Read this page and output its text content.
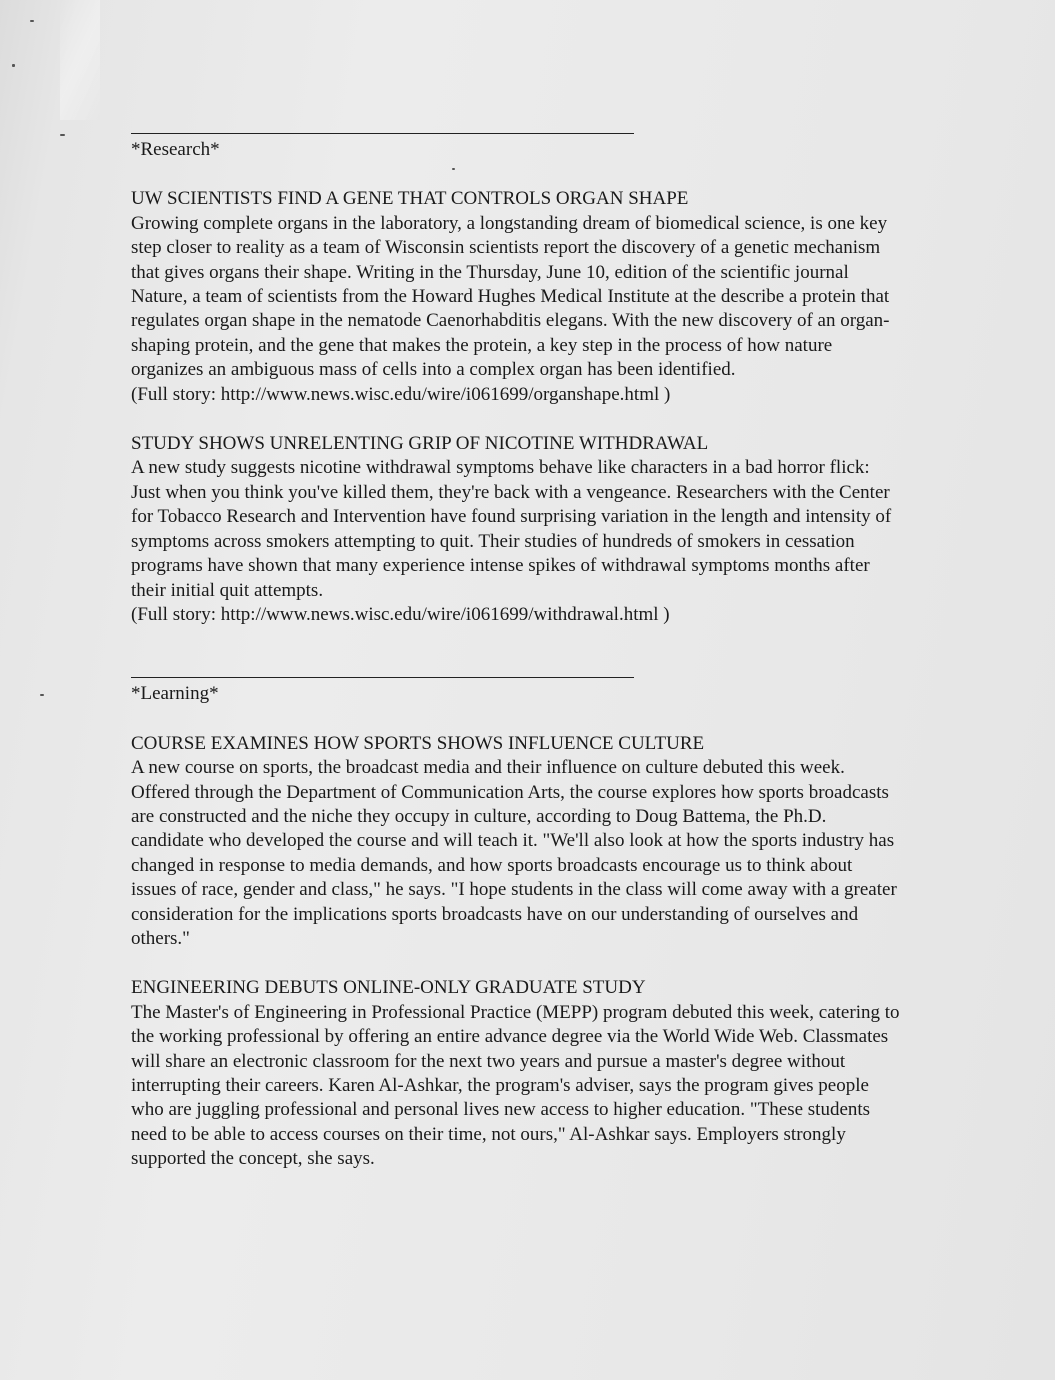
*Research*

UW SCIENTISTS FIND A GENE THAT CONTROLS ORGAN SHAPE

Growing complete organs in the laboratory, a longstanding dream of biomedical science, is one key step closer to reality as a team of Wisconsin scientists report the discovery of a genetic mechanism that gives organs their shape. Writing in the Thursday, June 10, edition of the scientific journal Nature, a team of scientists from the Howard Hughes Medical Institute at the describe a protein that regulates organ shape in the nematode Caenorhabditis elegans. With the new discovery of an organ-shaping protein, and the gene that makes the protein, a key step in the process of how nature organizes an ambiguous mass of cells into a complex organ has been identified.

(Full story: http://www.news.wisc.edu/wire/i061699/organshape.html )

STUDY SHOWS UNRELENTING GRIP OF NICOTINE WITHDRAWAL

A new study suggests nicotine withdrawal symptoms behave like characters in a bad horror flick: Just when you think you've killed them, they're back with a vengeance. Researchers with the Center for Tobacco Research and Intervention have found surprising variation in the length and intensity of symptoms across smokers attempting to quit. Their studies of hundreds of smokers in cessation programs have shown that many experience intense spikes of withdrawal symptoms months after their initial quit attempts.

(Full story: http://www.news.wisc.edu/wire/i061699/withdrawal.html )

*Learning*

COURSE EXAMINES HOW SPORTS SHOWS INFLUENCE CULTURE

A new course on sports, the broadcast media and their influence on culture debuted this week. Offered through the Department of Communication Arts, the course explores how sports broadcasts are constructed and the niche they occupy in culture, according to Doug Battema, the Ph.D. candidate who developed the course and will teach it. "We'll also look at how the sports industry has changed in response to media demands, and how sports broadcasts encourage us to think about issues of race, gender and class," he says. "I hope students in the class will come away with a greater consideration for the implications sports broadcasts have on our understanding of ourselves and others."

ENGINEERING DEBUTS ONLINE-ONLY GRADUATE STUDY

The Master's of Engineering in Professional Practice (MEPP) program debuted this week, catering to the working professional by offering an entire advance degree via the World Wide Web. Classmates will share an electronic classroom for the next two years and pursue a master's degree without interrupting their careers. Karen Al-Ashkar, the program's adviser, says the program gives people who are juggling professional and personal lives new access to higher education. "These students need to be able to access courses on their time, not ours," Al-Ashkar says. Employers strongly supported the concept, she says.
